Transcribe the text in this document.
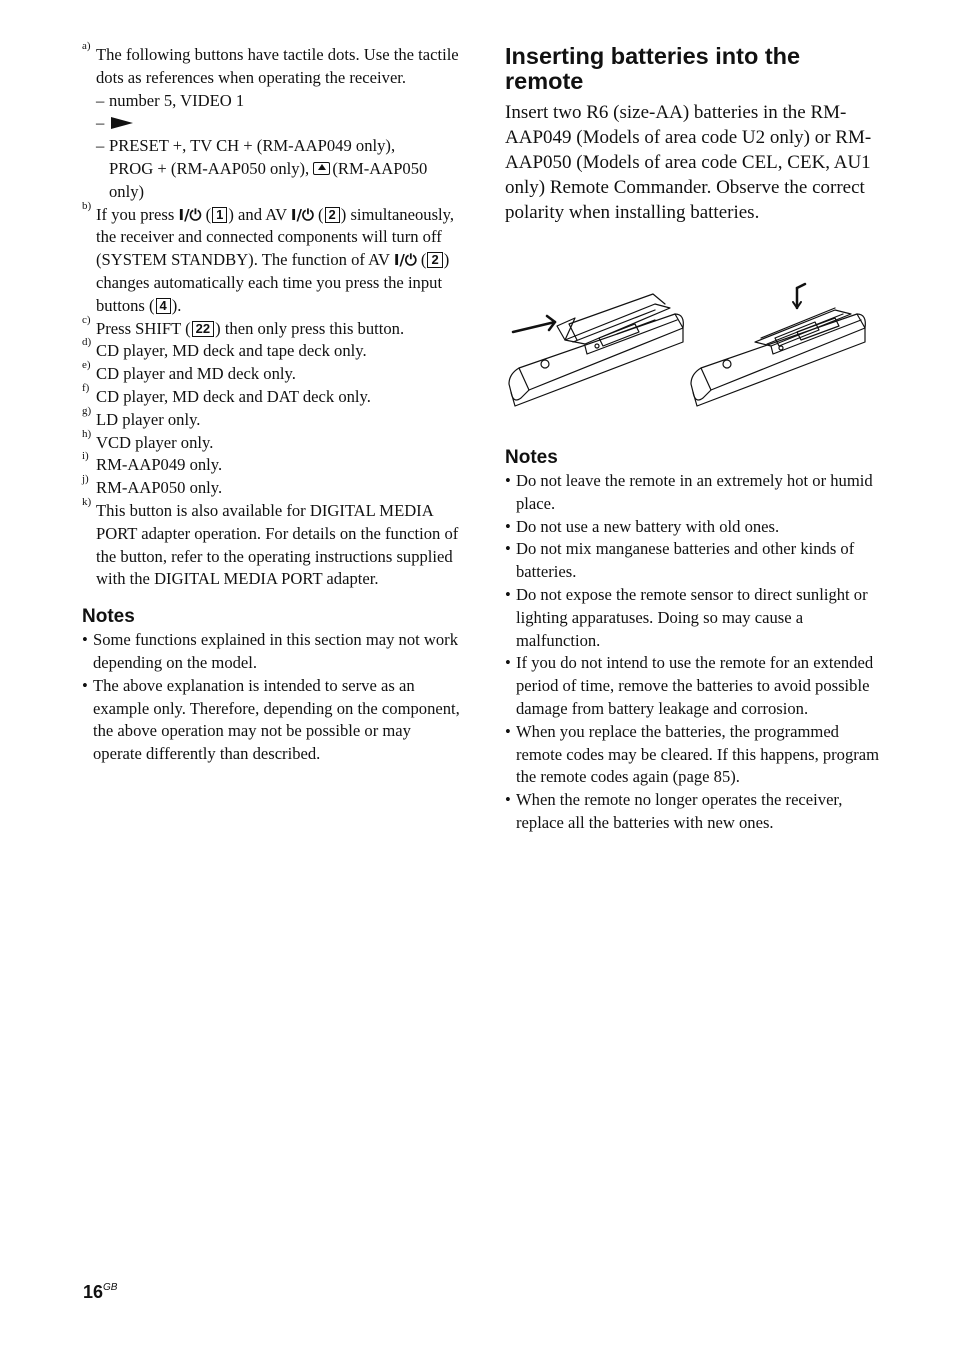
a) The following buttons have tactile dots. Use the tactile dots as references when operating the receiver.

– number 5, VIDEO 1

–

– PRESET +, TV CH + (RM-AAP049 only),
PROG + (RM-AAP050 only), (RM-AAP050
only)

b) If you press I/⏻ ( 1 ) and AV I/⏻ ( 2 ) simultaneously, the receiver and connected components will turn off (SYSTEM STANDBY). The function of AV I/⏻ ( 2 ) changes automatically each time you press the input buttons ( 4 ).

c) Press SHIFT ( 22 ) then only press this button.

d) CD player, MD deck and tape deck only.

e) CD player and MD deck only.

f) CD player, MD deck and DAT deck only.

g) LD player only.

h) VCD player only.

i) RM-AAP049 only.

j) RM-AAP050 only.

k) This button is also available for DIGITAL MEDIA PORT adapter operation. For details on the function of the button, refer to the operating instructions supplied with the DIGITAL MEDIA PORT adapter.

Notes

• Some functions explained in this section may not work depending on the model.

• The above explanation is intended to serve as an example only. Therefore, depending on the component, the above operation may not be possible or may operate differently than described.

Inserting batteries into the remote

Insert two R6 (size-AA) batteries in the RM-AAP049 (Models of area code U2 only) or RM-AAP050 (Models of area code CEL, CEK, AU1 only) Remote Commander. Observe the correct polarity when installing batteries.

Notes

• Do not leave the remote in an extremely hot or humid place.

• Do not use a new battery with old ones.

• Do not mix manganese batteries and other kinds of batteries.

• Do not expose the remote sensor to direct sunlight or lighting apparatuses. Doing so may cause a malfunction.

• If you do not intend to use the remote for an extended period of time, remove the batteries to avoid possible damage from battery leakage and corrosion.

• When you replace the batteries, the programmed remote codes may be cleared. If this happens, program the remote codes again (page 85).

• When the remote no longer operates the receiver, replace all the batteries with new ones.

$16^{GB}$
